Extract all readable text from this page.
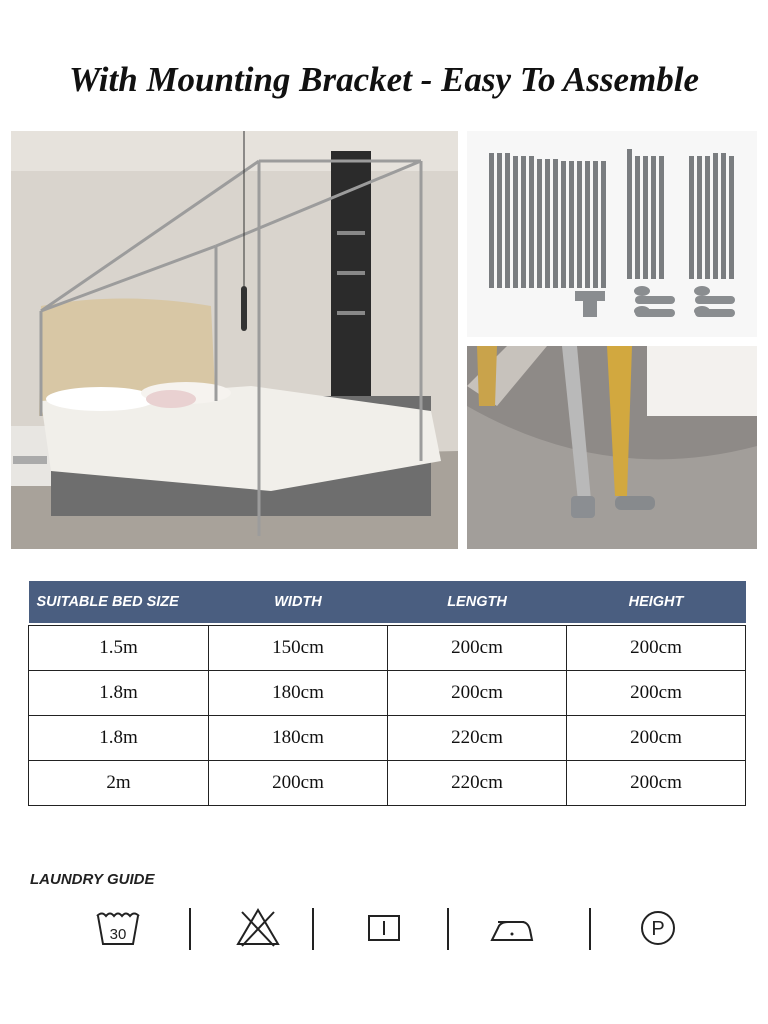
With Mounting Bracket - Easy To Assemble
SUITABLE BED SIZE	WIDTH	LENGTH	HEIGHT

1.5m	150cm	200cm	200cm
1.8m	180cm	200cm	200cm
1.8m	180cm	220cm	200cm
2m	200cm	220cm	200cm
LAUNDRY GUIDE
30	P
